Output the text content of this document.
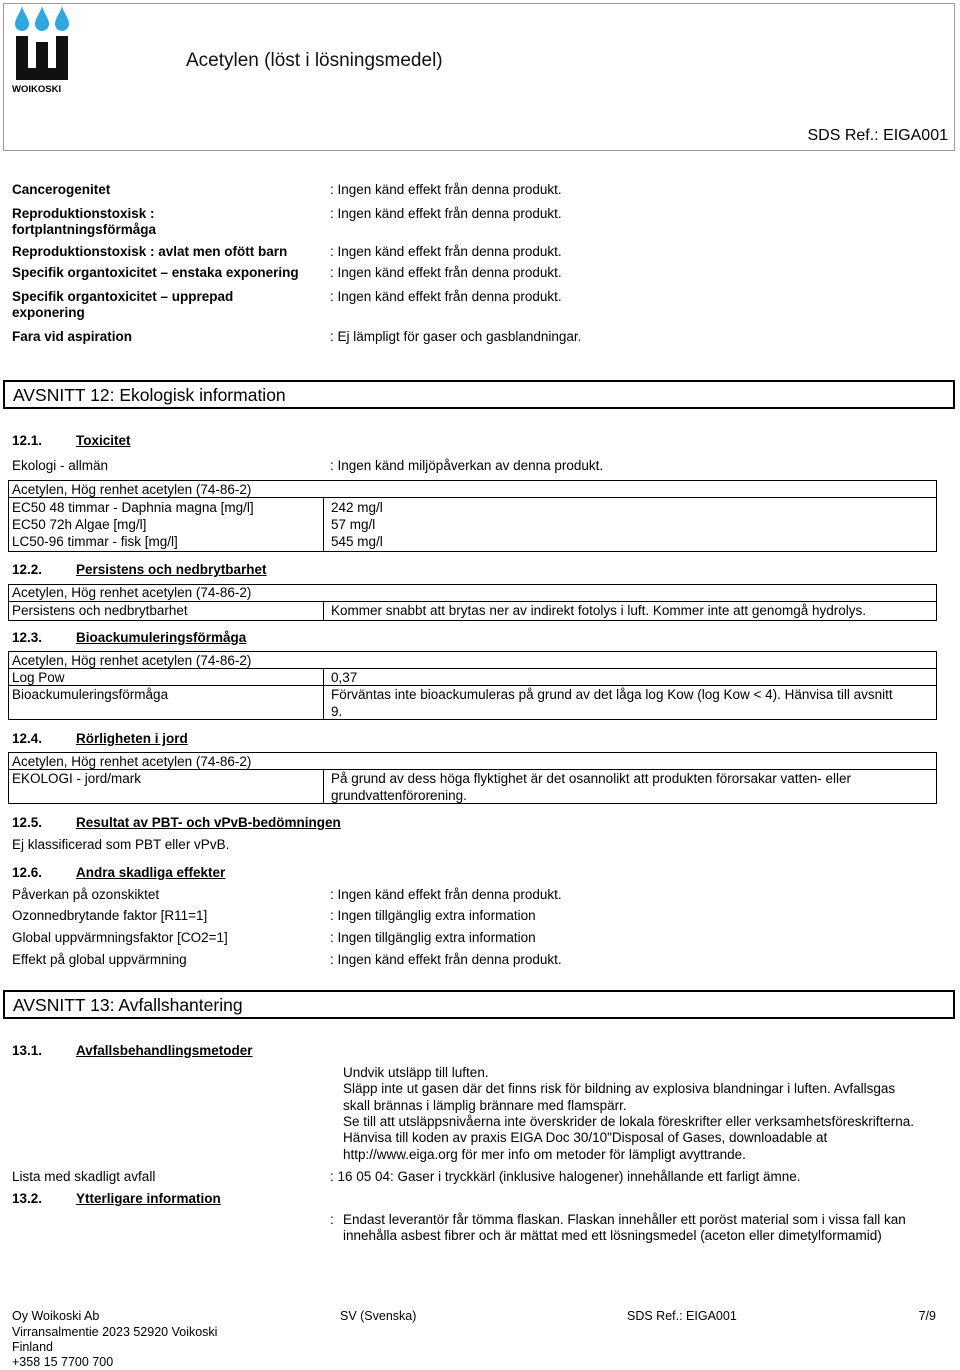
WOIKOSKI
Acetylen (löst i lösningsmedel)
SDS Ref.: EIGA001
Cancerogenitet	: Ingen känd effekt från denna produkt.
Reproduktionstoxisk :
fortplantningsförmåga
: Ingen känd effekt från denna produkt.
Reproduktionstoxisk : avlat men ofött barn	: Ingen känd effekt från denna produkt.
Specifik organtoxicitet – enstaka exponering : Ingen känd effekt från denna produkt.
Specifik organtoxicitet – upprepad
exponering
: Ingen känd effekt från denna produkt.
Fara vid aspiration	: Ej lämpligt för gaser och gasblandningar.
AVSNITT 12: Ekologisk information
12.1.	Toxicitet
Ekologi - allmän	: Ingen känd miljöpåverkan av denna produkt.
Acetylen, Hög renhet acetylen (74-86-2)
EC50 48 timmar - Daphnia magna [mg/l]	242 mg/l
EC50 72h Algae [mg/l]	57 mg/l
LC50-96 timmar - fisk [mg/l]	545 mg/l
12.2.	Persistens och nedbrytbarhet
Acetylen, Hög renhet acetylen (74-86-2)
Persistens och nedbrytbarhet	Kommer snabbt att brytas ner av indirekt fotolys i luft. Kommer inte att genomgå hydrolys.
12.3.	Bioackumuleringsförmåga
Acetylen, Hög renhet acetylen (74-86-2)
Log Pow	0,37
Bioackumuleringsförmåga	Förväntas inte bioackumuleras på grund av det låga log Kow (log Kow < 4). Hänvisa till avsnitt
9.
12.4.	Rörligheten i jord
Acetylen, Hög renhet acetylen (74-86-2)
EKOLOGI - jord/mark	På grund av dess höga flyktighet är det osannolikt att produkten förorsakar vatten- eller
grundvattenförorening.
12.5.	Resultat av PBT- och vPvB-bedömningen
Ej klassificerad som PBT eller vPvB.
12.6.	Andra skadliga effekter
Påverkan på ozonskiktet	: Ingen känd effekt från denna produkt.
Ozonnedbrytande faktor [R11=1]	: Ingen tillgänglig extra information
Global uppvärmningsfaktor [CO2=1]	: Ingen tillgänglig extra information
Effekt på global uppvärmning	: Ingen känd effekt från denna produkt.
AVSNITT 13: Avfallshantering
13.1.	Avfallsbehandlingsmetoder
Undvik utsläpp till luften.
Släpp inte ut gasen där det finns risk för bildning av explosiva blandningar i luften. Avfallsgas
skall brännas i lämplig brännare med flamspärr.
Se till att utsläppsnivåerna inte överskrider de lokala föreskrifter eller verksamhetsföreskrifterna.
Hänvisa till koden av praxis EIGA Doc 30/10"Disposal of Gases, downloadable at
http://www.eiga.org för mer info om metoder för lämpligt avyttrande.
Lista med skadligt avfall	: 16 05 04: Gaser i tryckkärl (inklusive halogener) innehållande ett farligt ämne.
13.2.	Ytterligare information
: Endast leverantör får tömma flaskan. Flaskan innehåller ett poröst material som i vissa fall kan
innehålla asbest fibrer och är mättat med ett lösningsmedel (aceton eller dimetylformamid)
Oy Woikoski Ab
Virransalmentie 2023 52920 Voikoski
Finland
+358 15 7700 700
SV (Svenska)	SDS Ref.: EIGA001	7/9
